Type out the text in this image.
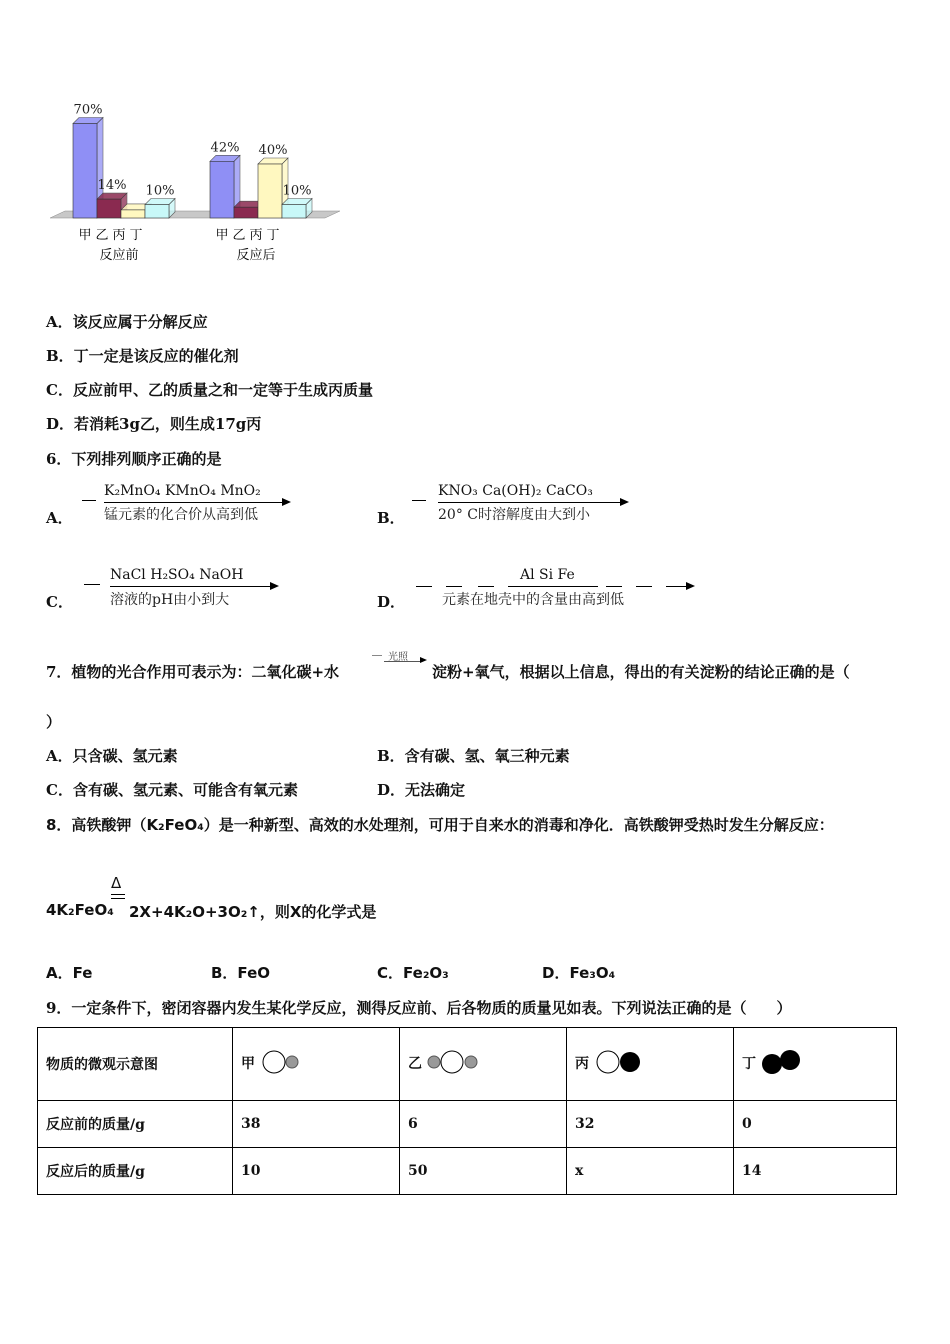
70%
14% 10%
42% 40%
10%
甲 乙 丙 丁	甲 乙 丙 丁
反应前	反应后
A．该反应属于分解反应
B．丁一定是该反应的催化剂
C．反应前甲、乙的质量之和一定等于生成丙质量
D．若消耗3g乙，则生成17g丙
6．下列排列顺序正确的是
A．
K₂MnO₄ KMnO₄ MnO₂
锰元素的化合价从高到低	B．
KNO₃ Ca(OH)₂ CaCO₃
20° C时溶解度由大到小
C．
NaCl H₂SO₄ NaOH
溶液的pH由小到大	D．
Al Si Fe
元素在地壳中的含量由高到低
7．植物的光合作用可表示为：二氧化碳+水
光照
淀粉+氧气，根据以上信息，得出的有关淀粉的结论正确的是（
）
A．只含碳、氢元素	B．含有碳、氢、氧三种元素
C．含有碳、氢元素、可能含有氧元素	D．无法确定
8．高铁酸钾（K₂FeO₄）是一种新型、高效的水处理剂，可用于自来水的消毒和净化．高铁酸钾受热时发生分解反应：
Δ
4K₂FeO₄ 2X+4K₂O+3O₂↑，则X的化学式是
A．Fe	B．FeO	C．Fe₂O₃	D．Fe₃O₄
9．一定条件下，密闭容器内发生某化学反应，测得反应前、后各物质的质量见如表。下列说法正确的是（　　）
物质的微观示意图	甲	乙	丙	丁
反应前的质量/g	38	6	32	0
反应后的质量/g	10	50	x	14
